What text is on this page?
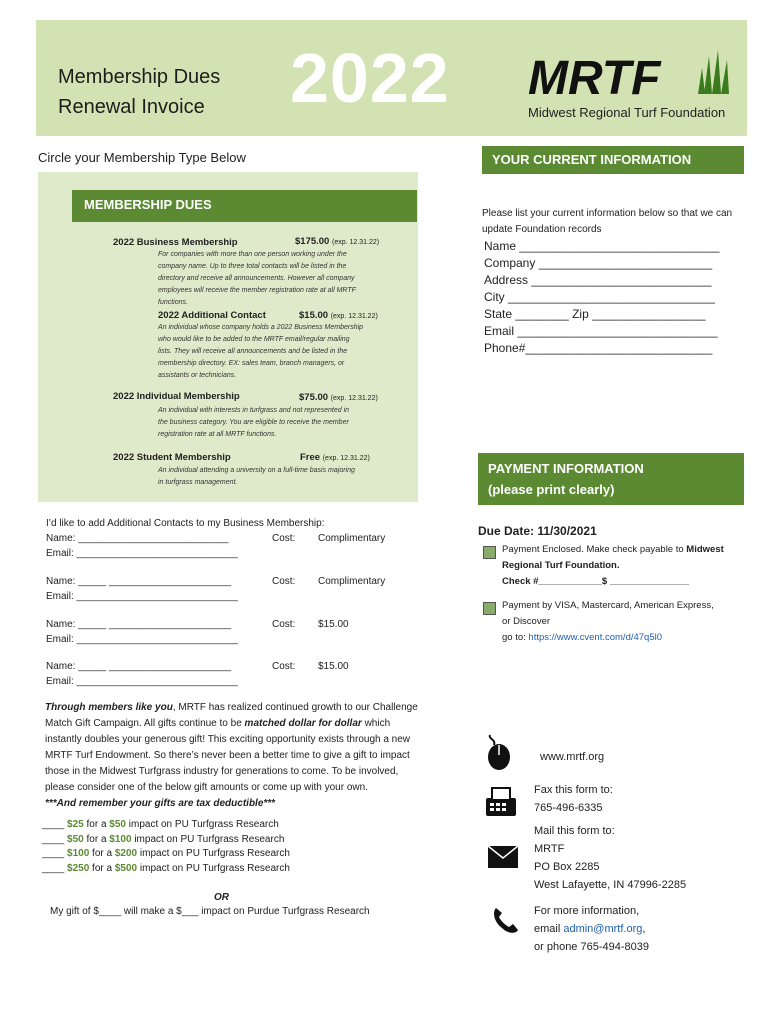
Membership Dues
Renewal Invoice 2022 MRTF
Midwest Regional Turf Foundation
Circle your Membership Type Below
MEMBERSHIP DUES
2022 Business Membership	$175.00 (exp. 12.31.22)
For companies with more than one person working under the
company name. Up to three total contacts will be listed in the
directory and receive all announcements. However all company
employees will receive the member registration rate at all MRTF
functions.
2022 Additional Contact	$15.00 (exp. 12.31.22)
An individual whose company holds a 2022 Business Membership
who would like to be added to the MRTF email/regular mailing
lists. They will receive all announcements and be listed in the
membership directory. EX: sales team, branch managers, or
assistants or technicians.
2022 Individual Membership	$75.00 (exp. 12.31.22)
An individual with interests in turfgrass and not represented in
the business category. You are eligible to receive the member
registration rate at all MRTF functions.
2022 Student Membership	Free (exp. 12.31.22)
An individual attending a university on a full-time basis majoring
in turfgrass management.
I’d like to add Additional Contacts to my Business Membership:
Name: ___________________________
Email: _____________________________
Cost: Complimentary
Name: _____ ______________________
Email: _____________________________
Cost: Complimentary
Name: _____ ______________________
Email: _____________________________
Cost: $15.00
Name: _____ ______________________
Email: _____________________________
Cost: $15.00
Through members like you, MRTF has realized continued growth to our Challenge
Match Gift Campaign. All gifts continue to be matched dollar for dollar which
instantly doubles your generous gift! This exciting opportunity exists through a new
MRTF Turf Endowment. So there’s never been a better time to give a gift to impact
those in the Midwest Turfgrass industry for generations to come. To be involved,
please consider one of the below gift amounts or come up with your own.
***And remember your gifts are tax deductible***
____ $25 for a $50 impact on PU Turfgrass Research
____ $50 for a $100 impact on PU Turfgrass Research
____ $100 for a $200 impact on PU Turfgrass Research
____ $250 for a $500 impact on PU Turfgrass Research
OR
My gift of $____ will make a $___ impact on Purdue Turfgrass Research
YOUR CURRENT INFORMATION
Please list your current information below so that we can
update Foundation records
Name ______________________________
Company __________________________
Address ___________________________
City _______________________________
State ________ Zip _________________
Email ______________________________
Phone#____________________________
PAYMENT INFORMATION
(please print clearly)
Due Date: 11/30/2021
Payment Enclosed. Make check payable to Midwest
Regional Turf Foundation.
Check #____________$ _______________
Payment by VISA, Mastercard, American Express,
or Discover
go to: https://www.cvent.com/d/47q5l0
www.mrtf.org
Fax this form to:
765-496-6335
Mail this form to:
MRTF
PO Box 2285
West Lafayette, IN 47996-2285
For more information,
email admin@mrtf.org,
or phone 765-494-8039
